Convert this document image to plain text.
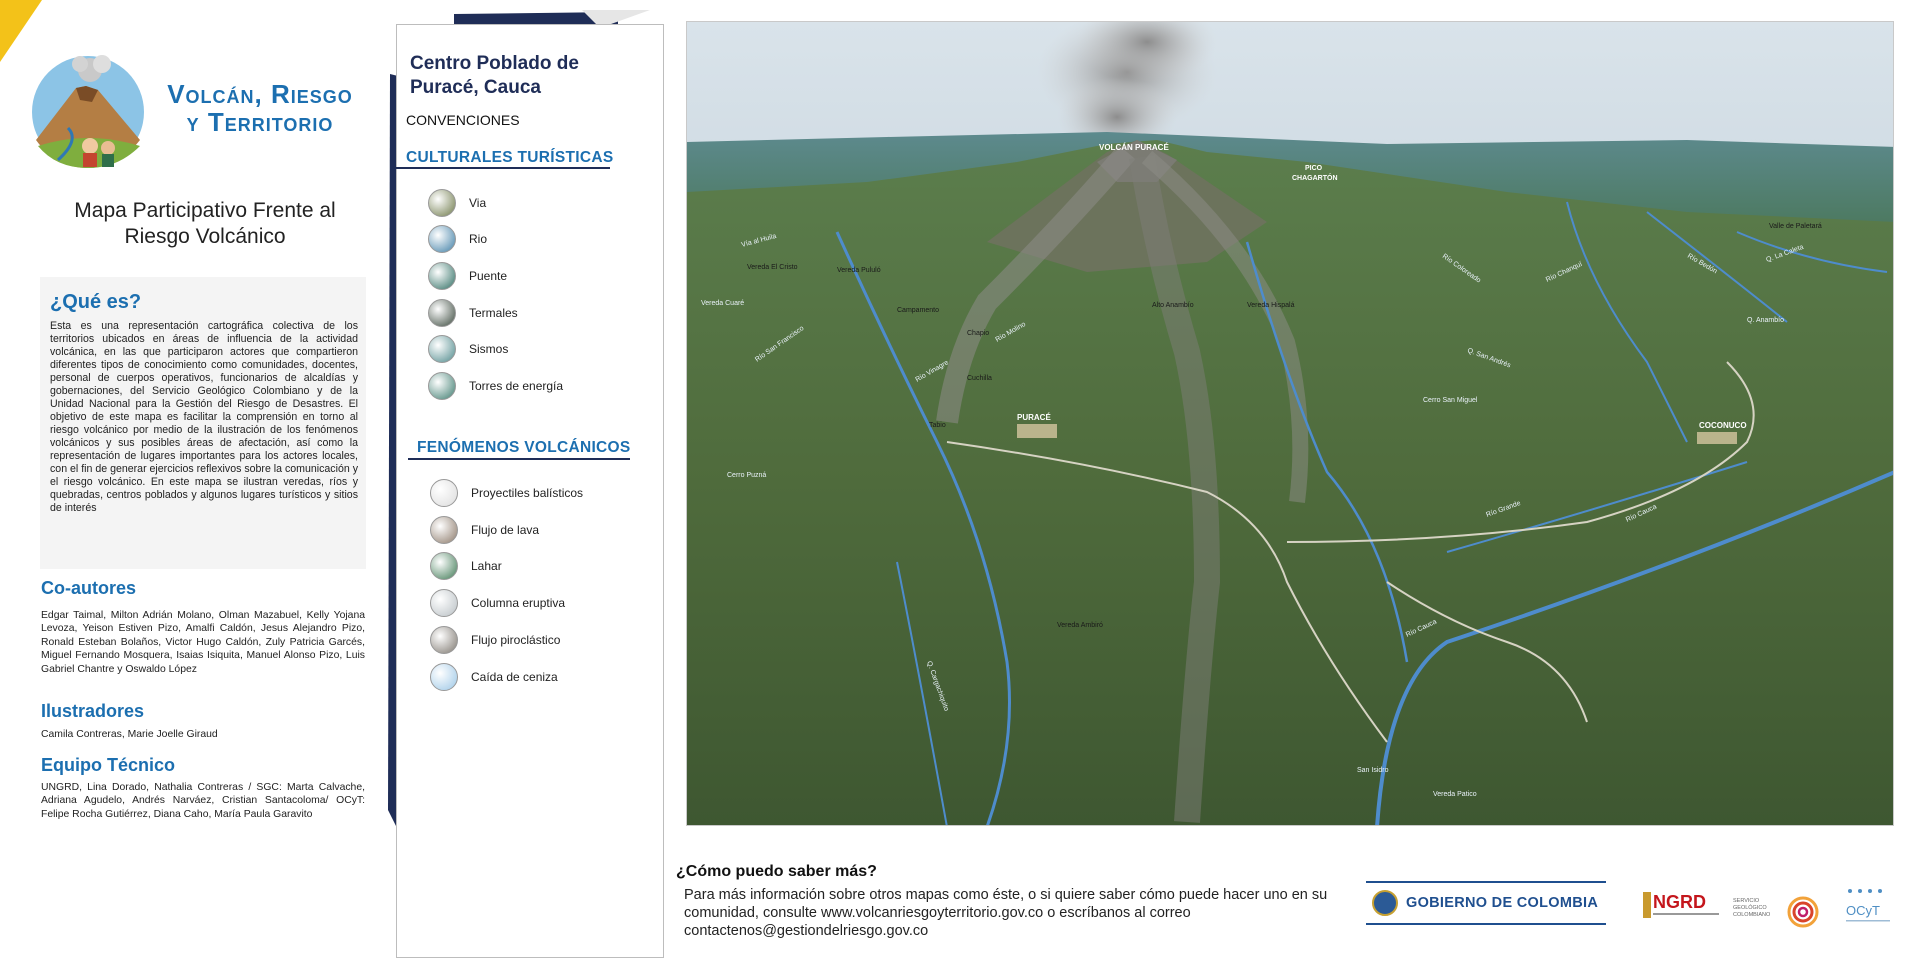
Volcán, Riesgo
y Territorio
Mapa Participativo Frente al
Riesgo Volcánico
¿Qué es?
Esta es una representación cartográfica colectiva de los territorios ubicados en áreas de influencia de la actividad volcánica, en las que participaron actores que compartieron diferentes tipos de conocimiento como comunidades, docentes, personal de cuerpos operativos, funcionarios de alcaldías y gobernaciones, del Servicio Geológico Colombiano y de la Unidad Nacional para la Gestión del Riesgo de Desastres. El objetivo de este mapa es facilitar la comprensión en torno al riesgo volcánico por medio de la ilustración de los fenómenos volcánicos y sus posibles áreas de afectación, así como la representación de lugares importantes para los actores locales, con el fin de generar ejercicios reflexivos sobre la comunicación y el riesgo volcánico. En este mapa se ilustran veredas, ríos y quebradas, centros poblados y algunos lugares turísticos y sitios de interés
Co-autores
Edgar Taimal, Milton Adrián Molano, Olman Mazabuel, Kelly Yojana Levoza, Yeison Estiven Pizo, Amalfi Caldón, Jesus Alejandro Pizo, Ronald Esteban Bolaños, Victor Hugo Caldón, Zuly Patricia Garcés, Miguel Fernando Mosquera, Isaias Isiquita, Manuel Alonso Pizo, Luis Gabriel Chantre y Oswaldo López
Ilustradores
Camila Contreras, Marie Joelle Giraud
Equipo Técnico
UNGRD, Lina Dorado, Nathalia Contreras / SGC: Marta Calvache, Adriana Agudelo, Andrés Narváez, Cristian Santacoloma/ OCyT: Felipe Rocha Gutiérrez, Diana Caho, María Paula Garavito
Centro Poblado de Puracé, Cauca
CONVENCIONES
CULTURALES TURÍSTICAS
Via
Rio
Puente
Termales
Sismos
Torres de energía
FENÓMENOS VOLCÁNICOS
Proyectiles balísticos
Flujo de lava
Lahar
Columna eruptiva
Flujo piroclástico
Caída de ceniza
VOLCÁN PURACÉ
PICO
CHAGARTÓN
PURACÉ
COCONUCO
Río San Francisco
Río Vinagre
Río Molino
Río Cauca
Río Grande	Río Cauca
Río Coloreado	Río Chanquí	Río Bedón	Q. La Caleta
Q. Anambío
Q. Cargachiquito
Cerro San Miguel
Cerro Puzná
Vía al Huila
Campamento
Chapio
Cuchilla
Tabio
Vereda Cuaré
Vereda Ambiró
Vereda Patico
San Isidro
Vereda Pululó
Vereda El Cristo
Alto Anambío	Vereda Hispalá
Valle de Paletará
Q. San Andrés
¿Cómo puedo saber más?
Para más información sobre otros mapas como éste, o si quiere saber cómo puede hacer uno en su comunidad, consulte www.volcanriesgoyterritorio.gov.co o escríbanos al correo contactenos@gestiondelriesgo.gov.co
GOBIERNO DE COLOMBIA	NGRD	SERVICIO
GEOLÓGICO
COLOMBIANO	OCyT
